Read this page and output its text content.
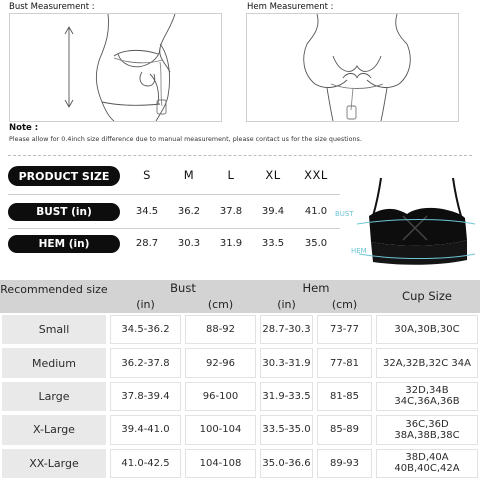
Bust Measurement :	Hem Measurement :
Note :
Please allow for 0.4inch size difference due to manual measurement, please contact us for the size questions.
PRODUCT SIZE	S	M	L	XL	XXL
BUST (in)	34.5	36.2	37.8	39.4	41.0
HEM (in)	28.7	30.3	31.9	33.5	35.0
BUST
HEM
Recommended size	Bust	Hem
Cup Size
(in)	(cm)	(in)	(cm)
Small	34.5-36.2	88-92	28.7-30.3	73-77	30A,30B,30C
Medium	36.2-37.8	92-96	30.3-31.9	77-81	32A,32B,32C 34A
Large	37.8-39.4	96-100	31.9-33.5	81-85	32D,34B 34C,36A,36B
X-Large	39.4-41.0	100-104	33.5-35.0	85-89	36C,36D 38A,38B,38C
XX-Large	41.0-42.5	104-108	35.0-36.6	89-93	38D,40A 40B,40C,42A
